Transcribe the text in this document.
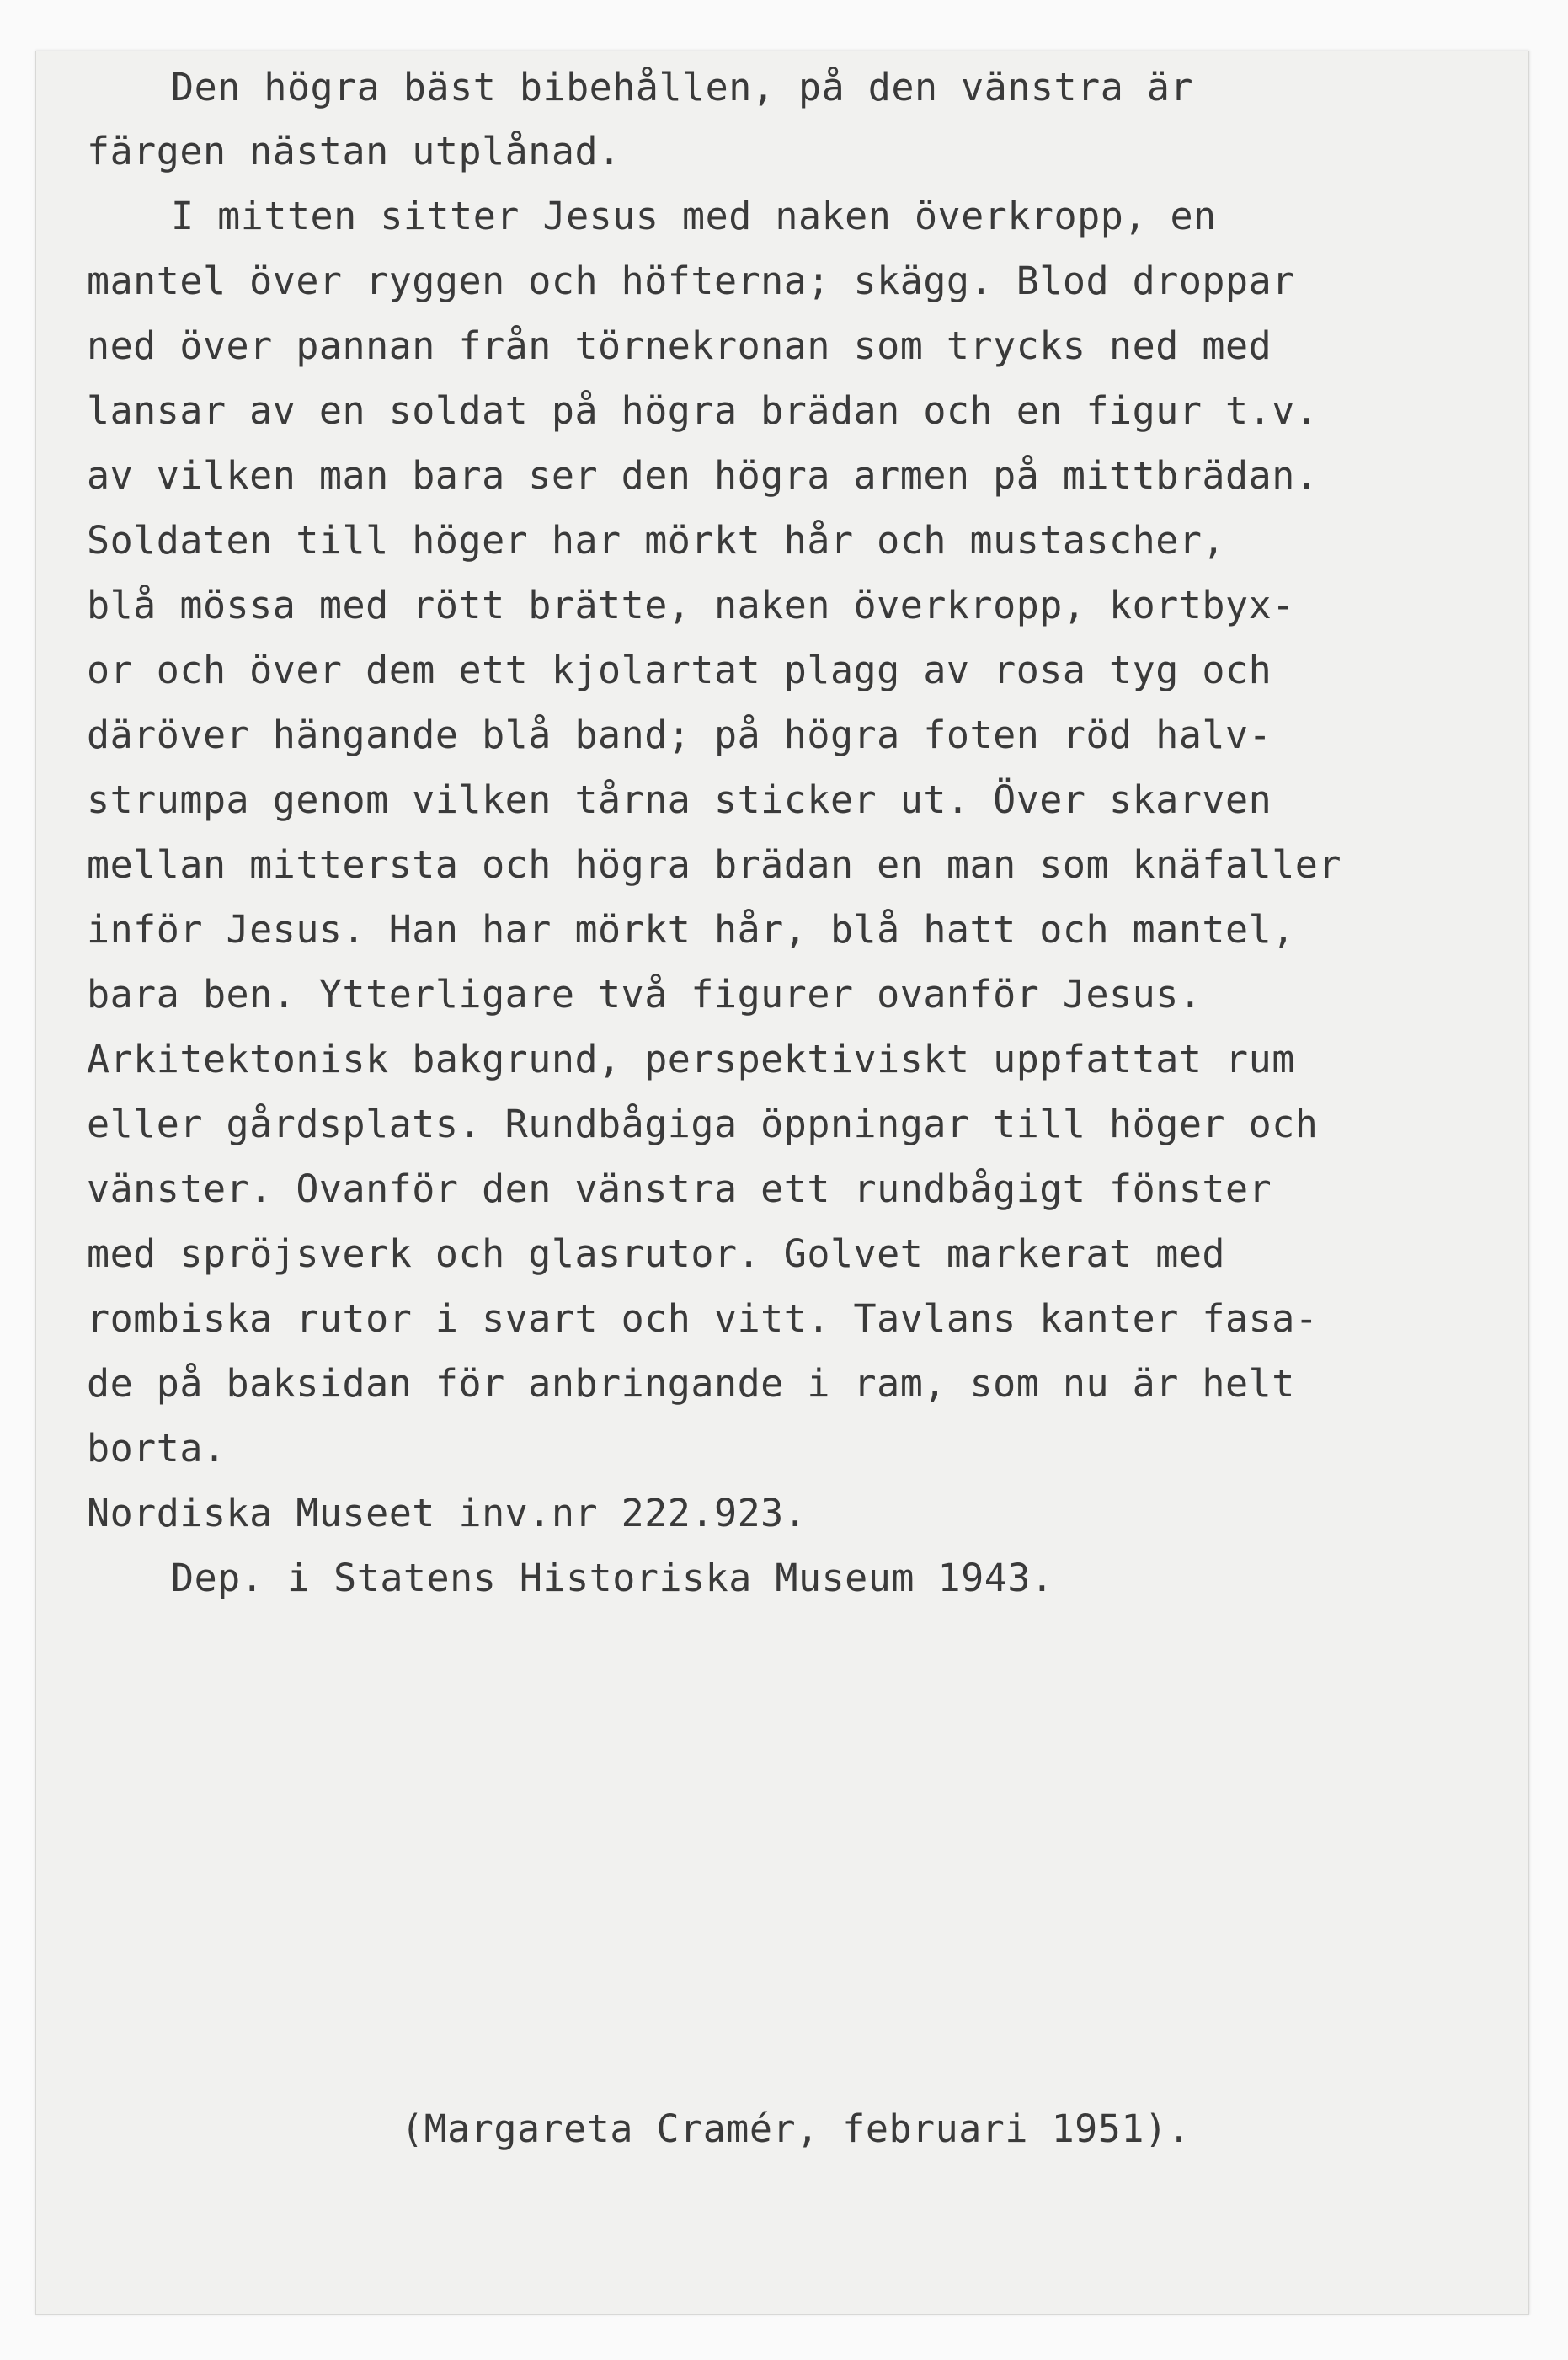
Den högra bäst bibehållen, på den vänstra är
färgen nästan utplånad.
I mitten sitter Jesus med naken överkropp, en
mantel över ryggen och höfterna; skägg. Blod droppar
ned över pannan från törnekronan som trycks ned med
lansar av en soldat på högra brädan och en figur t.v.
av vilken man bara ser den högra armen på mittbrädan.
Soldaten till höger har mörkt hår och mustascher,
blå mössa med rött brätte, naken överkropp, kortbyx-
or och över dem ett kjolartat plagg av rosa tyg och
däröver hängande blå band; på högra foten röd halv-
strumpa genom vilken tårna sticker ut. Över skarven
mellan mittersta och högra brädan en man som knäfaller
inför Jesus. Han har mörkt hår, blå hatt och mantel,
bara ben. Ytterligare två figurer ovanför Jesus.
Arkitektonisk bakgrund, perspektiviskt uppfattat rum
eller gårdsplats. Rundbågiga öppningar till höger och
vänster. Ovanför den vänstra ett rundbågigt fönster
med spröjsverk och glasrutor. Golvet markerat med
rombiska rutor i svart och vitt. Tavlans kanter fasa-
de på baksidan för anbringande i ram, som nu är helt
borta.
Nordiska Museet inv.nr 222.923.
Dep. i Statens Historiska Museum 1943.
(Margareta Cramér, februari 1951).
